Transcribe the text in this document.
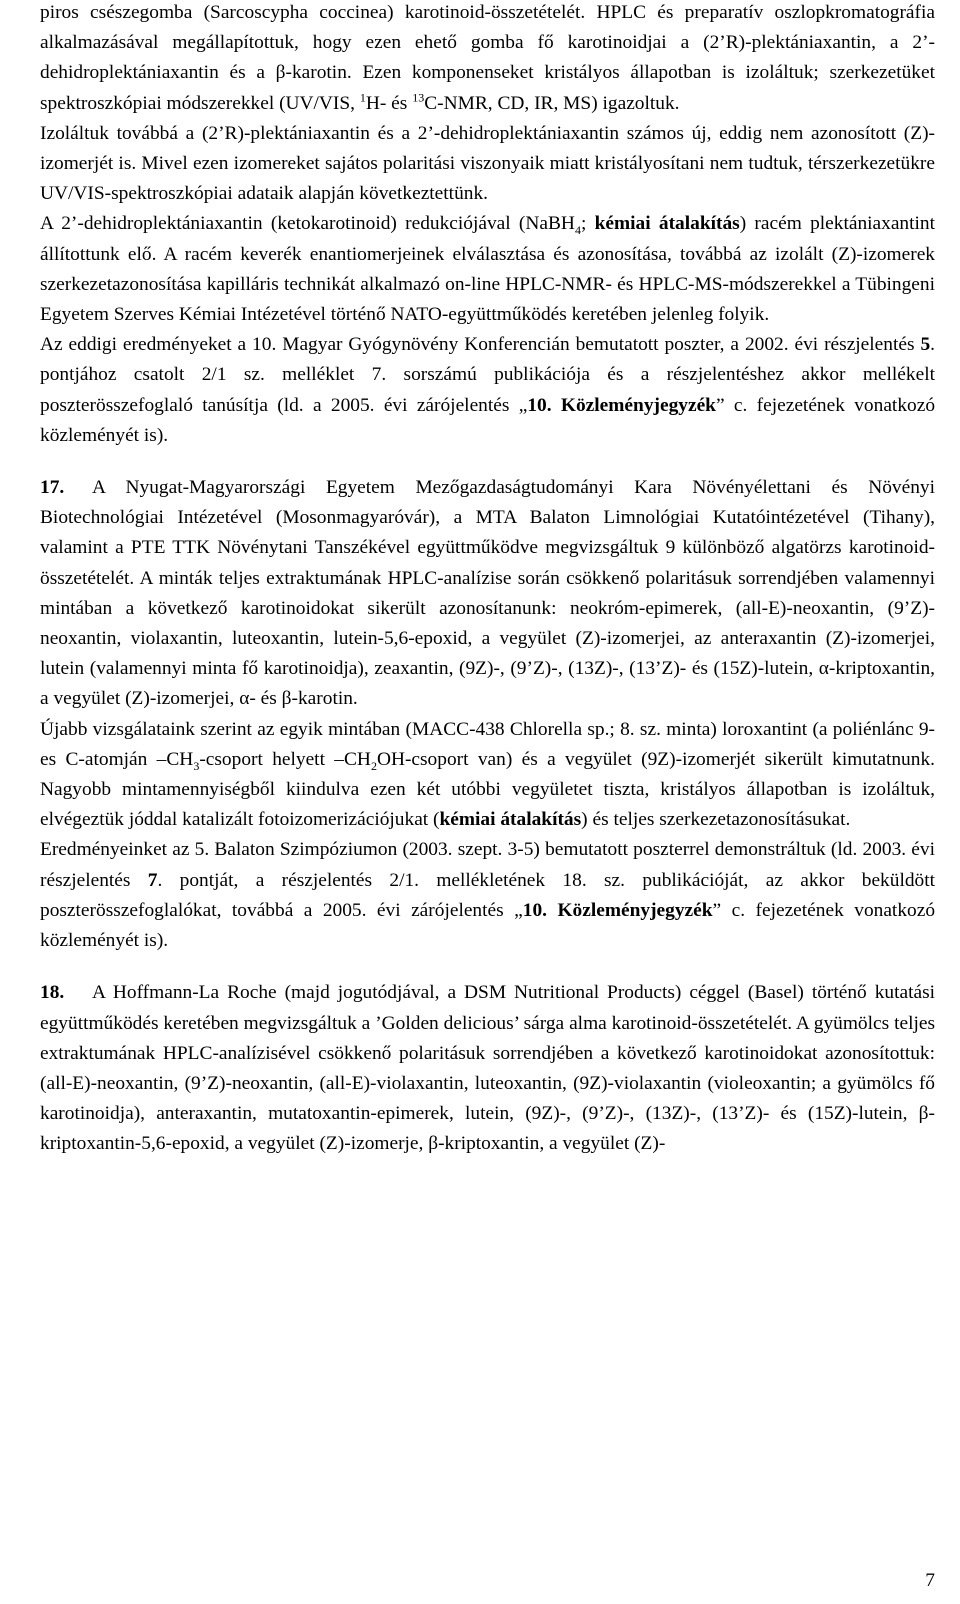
piros csészegomba (Sarcoscypha coccinea) karotinoid-összetételét. HPLC és preparatív oszlopkromatográfia alkalmazásával megállapítottuk, hogy ezen ehető gomba fő karotinoidjai a (2’R)-plektániaxantin, a 2’-dehidroplektániaxantin és a β-karotin. Ezen komponenseket kristályos állapotban is izoláltuk; szerkezetüket spektroszkópiai módszerekkel (UV/VIS, $^1$H- és $^{13}$C-NMR, CD, IR, MS) igazoltuk.

Izoláltuk továbbá a (2’R)-plektániaxantin és a 2’-dehidroplektániaxantin számos új, eddig nem azonosított (Z)-izomerjét is. Mivel ezen izomereket sajátos polaritási viszonyaik miatt kristályosítani nem tudtuk, térszerkezetükre UV/VIS-spektroszkópiai adataik alapján következtettünk.

A 2’-dehidroplektániaxantin (ketokarotinoid) redukciójával (NaBH$_4$; kémiai átalakítás) racém plektániaxantint állítottunk elő. A racém keverék enantiomerjeinek elválasztása és azonosítása, továbbá az izolált (Z)-izomerek szerkezetazonosítása kapilláris technikát alkalmazó on-line HPLC-NMR- és HPLC-MS-módszerekkel a Tübingeni Egyetem Szerves Kémiai Intézetével történő NATO-együttműködés keretében jelenleg folyik.

Az eddigi eredményeket a 10. Magyar Gyógynövény Konferencián bemutatott poszter, a 2002. évi részjelentés 5. pontjához csatolt 2/1 sz. melléklet 7. sorszámú publikációja és a részjelentéshez akkor mellékelt poszterösszefoglaló tanúsítja (ld. a 2005. évi zárójelentés „10. Közleményjegyzék” c. fejezetének vonatkozó közleményét is).

17.	A Nyugat-Magyarországi Egyetem Mezőgazdaságtudományi Kara Növényélettani és Növényi Biotechnológiai Intézetével (Mosonmagyaróvár), a MTA Balaton Limnológiai Kutatóintézetével (Tihany), valamint a PTE TTK Növénytani Tanszékével együttműködve megvizsgáltuk 9 különböző algatörzs karotinoid-összetételét. A minták teljes extraktumának HPLC-analízise során csökkenő polaritásuk sorrendjében valamennyi mintában a következő karotinoidokat sikerült azonosítanunk: neokróm-epimerek, (all-E)-neoxantin, (9’Z)-neoxantin, violaxantin, luteoxantin, lutein-5,6-epoxid, a vegyület (Z)-izomerjei, az anteraxantin (Z)-izomerjei, lutein (valamennyi minta fő karotinoidja), zeaxantin, (9Z)-, (9’Z)-, (13Z)-, (13’Z)- és (15Z)-lutein, α-kriptoxantin, a vegyület (Z)-izomerjei, α- és β-karotin.

Újabb vizsgálataink szerint az egyik mintában (MACC-438 Chlorella sp.; 8. sz. minta) loroxantint (a poliénlánc 9-es C-atomján $-CH_3$-csoport helyett $-CH_2OH$-csoport van) és a vegyület (9Z)-izomerjét sikerült kimutatnunk. Nagyobb mintamennyiségből kiindulva ezen két utóbbi vegyületet tiszta, kristályos állapotban is izoláltuk, elvégeztük jóddal katalizált fotoizomerizációjukat (kémiai átalakítás) és teljes szerkezetazonosításukat.

Eredményeinket az 5. Balaton Szimpóziumon (2003. szept. 3-5) bemutatott poszterrel demonstráltuk (ld. 2003. évi részjelentés 7. pontját, a részjelentés 2/1. mellékletének 18. sz. publikációját, az akkor beküldött poszterösszefoglalókat, továbbá a 2005. évi zárójelentés „10. Közleményjegyzék” c. fejezetének vonatkozó közleményét is).

18.	A Hoffmann-La Roche (majd jogutódjával, a DSM Nutritional Products) céggel (Basel) történő kutatási együttműködés keretében megvizsgáltuk a ’Golden delicious’ sárga alma karotinoid-összetételét. A gyümölcs teljes extraktumának HPLC-analízisével csökkenő polaritásuk sorrendjében a következő karotinoidokat azonosítottuk: (all-E)-neoxantin, (9’Z)-neoxantin, (all-E)-violaxantin, luteoxantin, (9Z)-violaxantin (violeoxantin; a gyümölcs fő karotinoidja), anteraxantin, mutatoxantin-epimerek, lutein, (9Z)-, (9’Z)-, (13Z)-, (13’Z)- és (15Z)-lutein, β-kriptoxantin-5,6-epoxid, a vegyület (Z)-izomerje, β-kriptoxantin, a vegyület (Z)-

7
